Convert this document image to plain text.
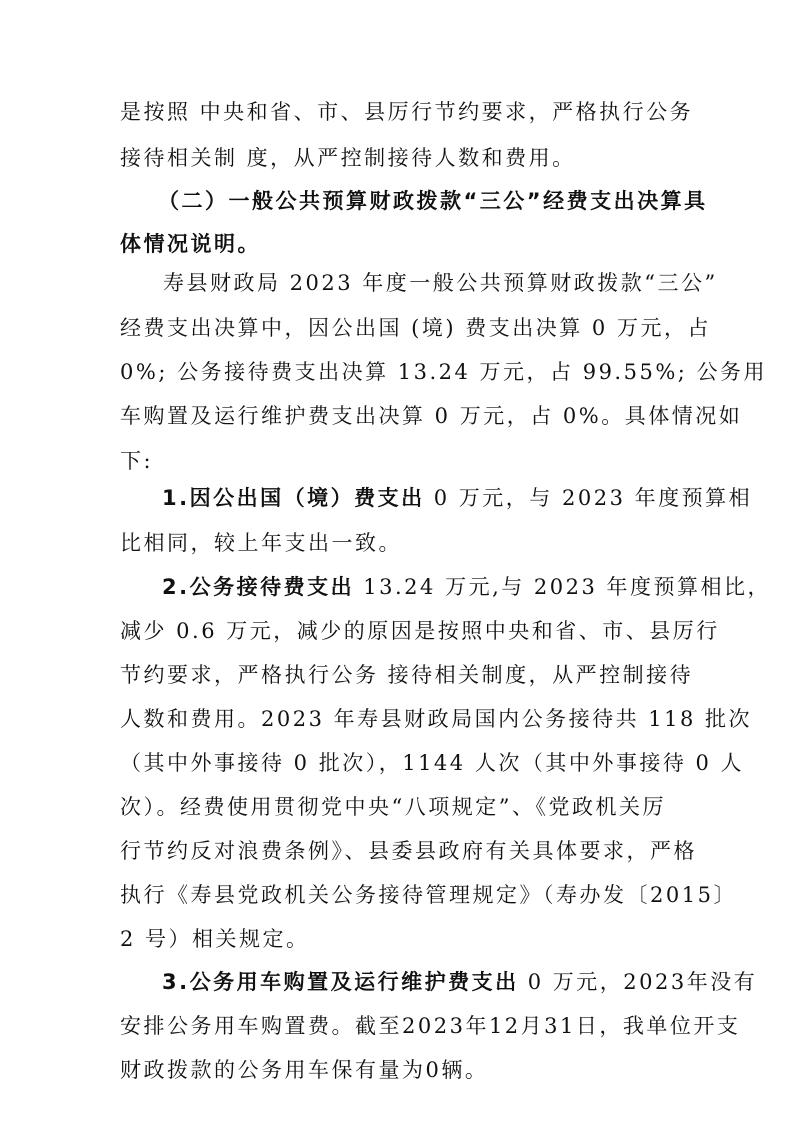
是按照 中央和省、市、县厉行节约要求，严格执行公务
接待相关制 度，从严控制接待人数和费用。
（二）一般公共预算财政拨款“三公”经费支出决算具
体情况说明。
寿县财政局 2023 年度一般公共预算财政拨款“三公”
经费支出决算中，因公出国 (境) 费支出决算 0 万元，占
0%; 公务接待费支出决算 13.24 万元，占 99.55%; 公务用
车购置及运行维护费支出决算 0 万元，占 0%。具体情况如
下:
1.因公出国（境）费支出 0 万元，与 2023 年度预算相
比相同，较上年支出一致。
2.公务接待费支出 13.24 万元,与 2023 年度预算相比，
减少 0.6 万元，减少的原因是按照中央和省、市、县厉行
节约要求，严格执行公务 接待相关制度，从严控制接待
人数和费用。2023 年寿县财政局国内公务接待共 118 批次
（其中外事接待 0 批次），1144 人次（其中外事接待 0 人
次）。经费使用贯彻党中央“八项规定”、《党政机关厉
行节约反对浪费条例》、县委县政府有关具体要求，严格
执行《寿县党政机关公务接待管理规定》（寿办发〔2015〕
2 号）相关规定。
3.公务用车购置及运行维护费支出 0 万元，2023年没有
安排公务用车购置费。截至2023年12月31日，我单位开支
财政拨款的公务用车保有量为0辆。
